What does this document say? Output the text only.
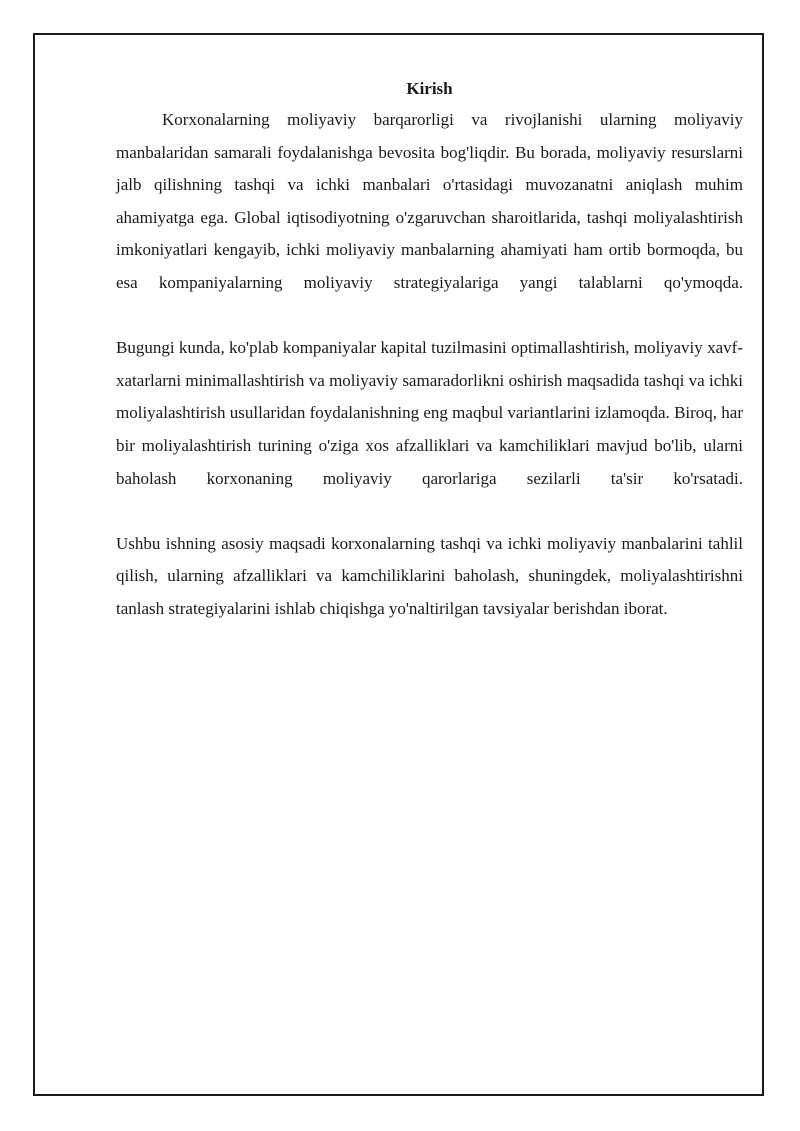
Kirish

Korxonalarning moliyaviy barqarorligi va rivojlanishi ularning moliyaviy manbalaridan samarali foydalanishga bevosita bog'liqdir. Bu borada, moliyaviy resurslarni jalb qilishning tashqi va ichki manbalari o'rtasidagi muvozanatni aniqlash muhim ahamiyatga ega. Global iqtisodiyotning o'zgaruvchan sharoitlarida, tashqi moliyalashtirish imkoniyatlari kengayib, ichki moliyaviy manbalarning ahamiyati ham ortib bormoqda, bu esa kompaniyalarning moliyaviy strategiyalariga yangi talablarni qo'ymoqda.

Bugungi kunda, ko'plab kompaniyalar kapital tuzilmasini optimallashtirish, moliyaviy xavf-xatarlarni minimallashtirish va moliyaviy samaradorlikni oshirish maqsadida tashqi va ichki moliyalashtirish usullaridan foydalanishning eng maqbul variantlarini izlamoqda. Biroq, har bir moliyalashtirish turining o'ziga xos afzalliklari va kamchiliklari mavjud bo'lib, ularni baholash korxonaning moliyaviy qarorlariga sezilarli ta'sir ko'rsatadi.

Ushbu ishning asosiy maqsadi korxonalarning tashqi va ichki moliyaviy manbalarini tahlil qilish, ularning afzalliklari va kamchiliklarini baholash, shuningdek, moliyalashtirishni tanlash strategiyalarini ishlab chiqishga yo'naltirilgan tavsiyalar berishdan iborat.
